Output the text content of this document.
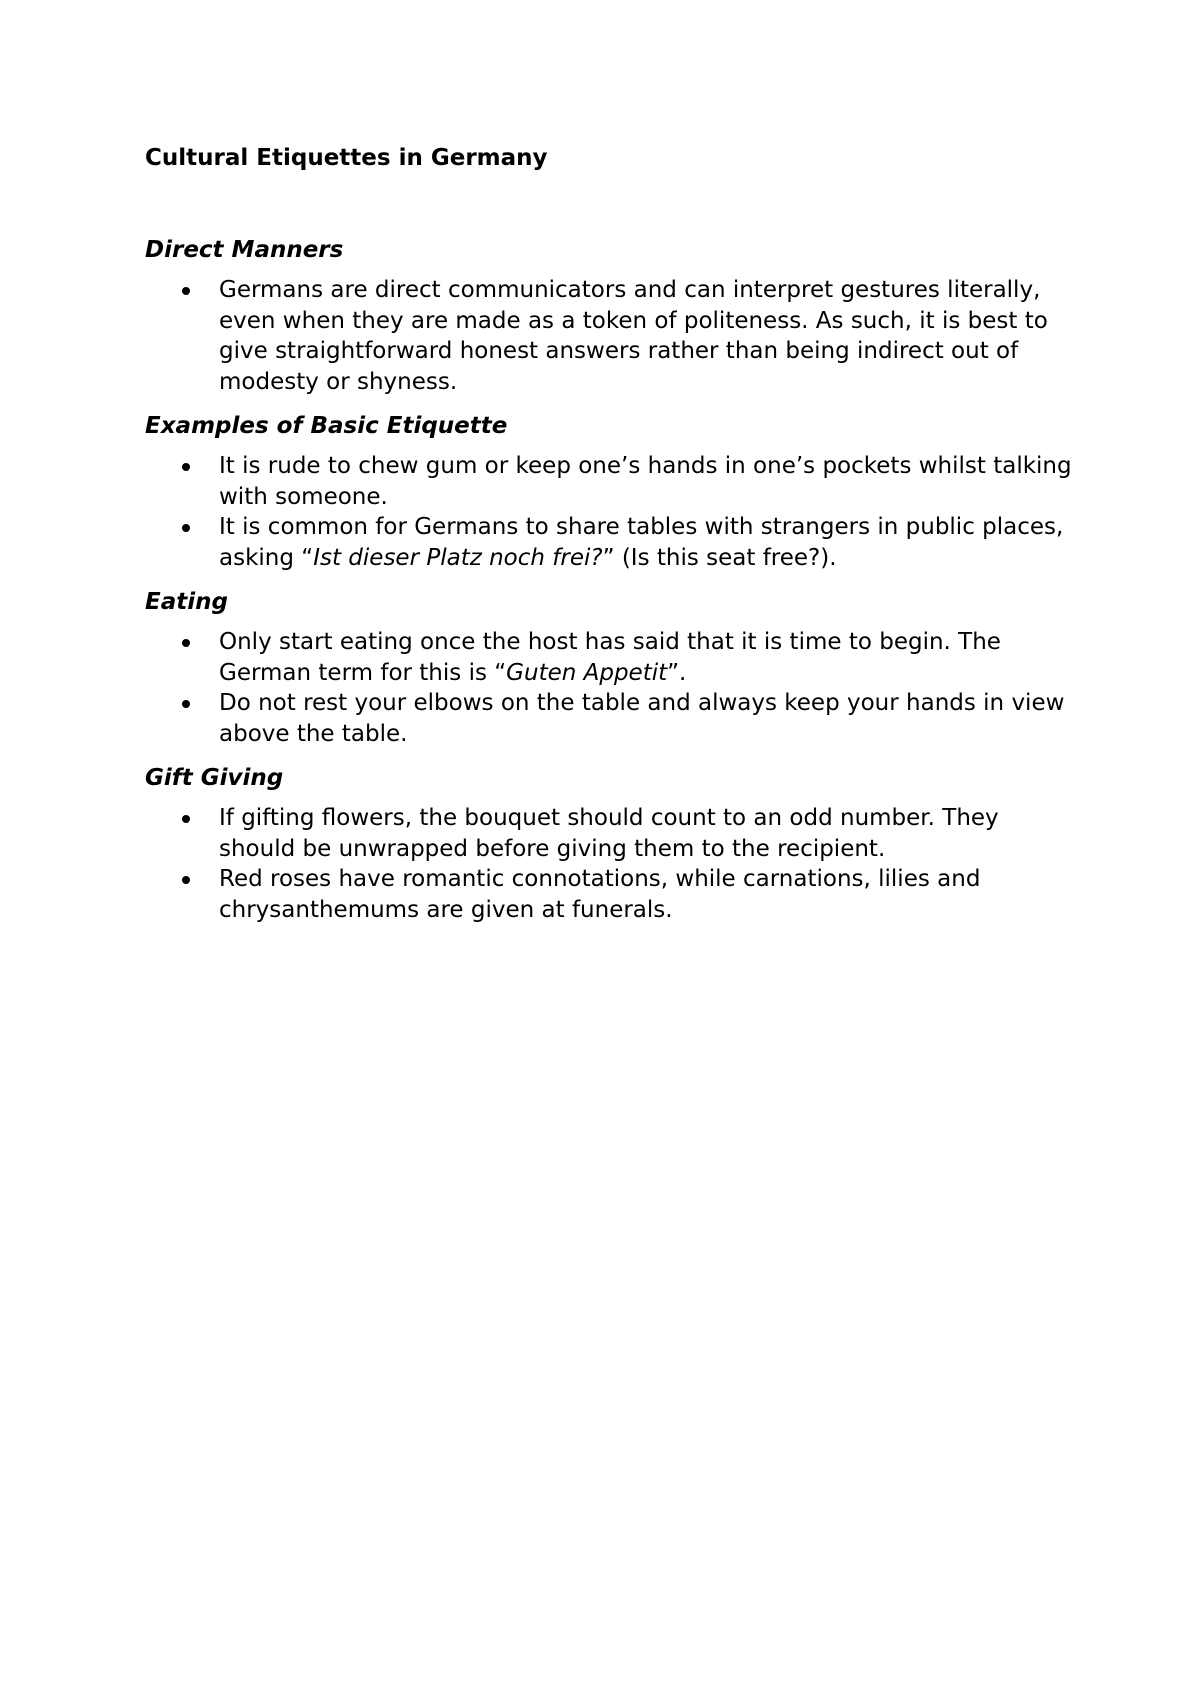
Cultural Etiquettes in Germany
Direct Manners
Germans are direct communicators and can interpret gestures literally, even when they are made as a token of politeness. As such, it is best to give straightforward honest answers rather than being indirect out of modesty or shyness.
Examples of Basic Etiquette
It is rude to chew gum or keep one’s hands in one’s pockets whilst talking with someone.
It is common for Germans to share tables with strangers in public places, asking “Ist dieser Platz noch frei?” (Is this seat free?).
Eating
Only start eating once the host has said that it is time to begin. The German term for this is “Guten Appetit”.
Do not rest your elbows on the table and always keep your hands in view above the table.
Gift Giving
If gifting flowers, the bouquet should count to an odd number. They should be unwrapped before giving them to the recipient.
Red roses have romantic connotations, while carnations, lilies and chrysanthemums are given at funerals.
